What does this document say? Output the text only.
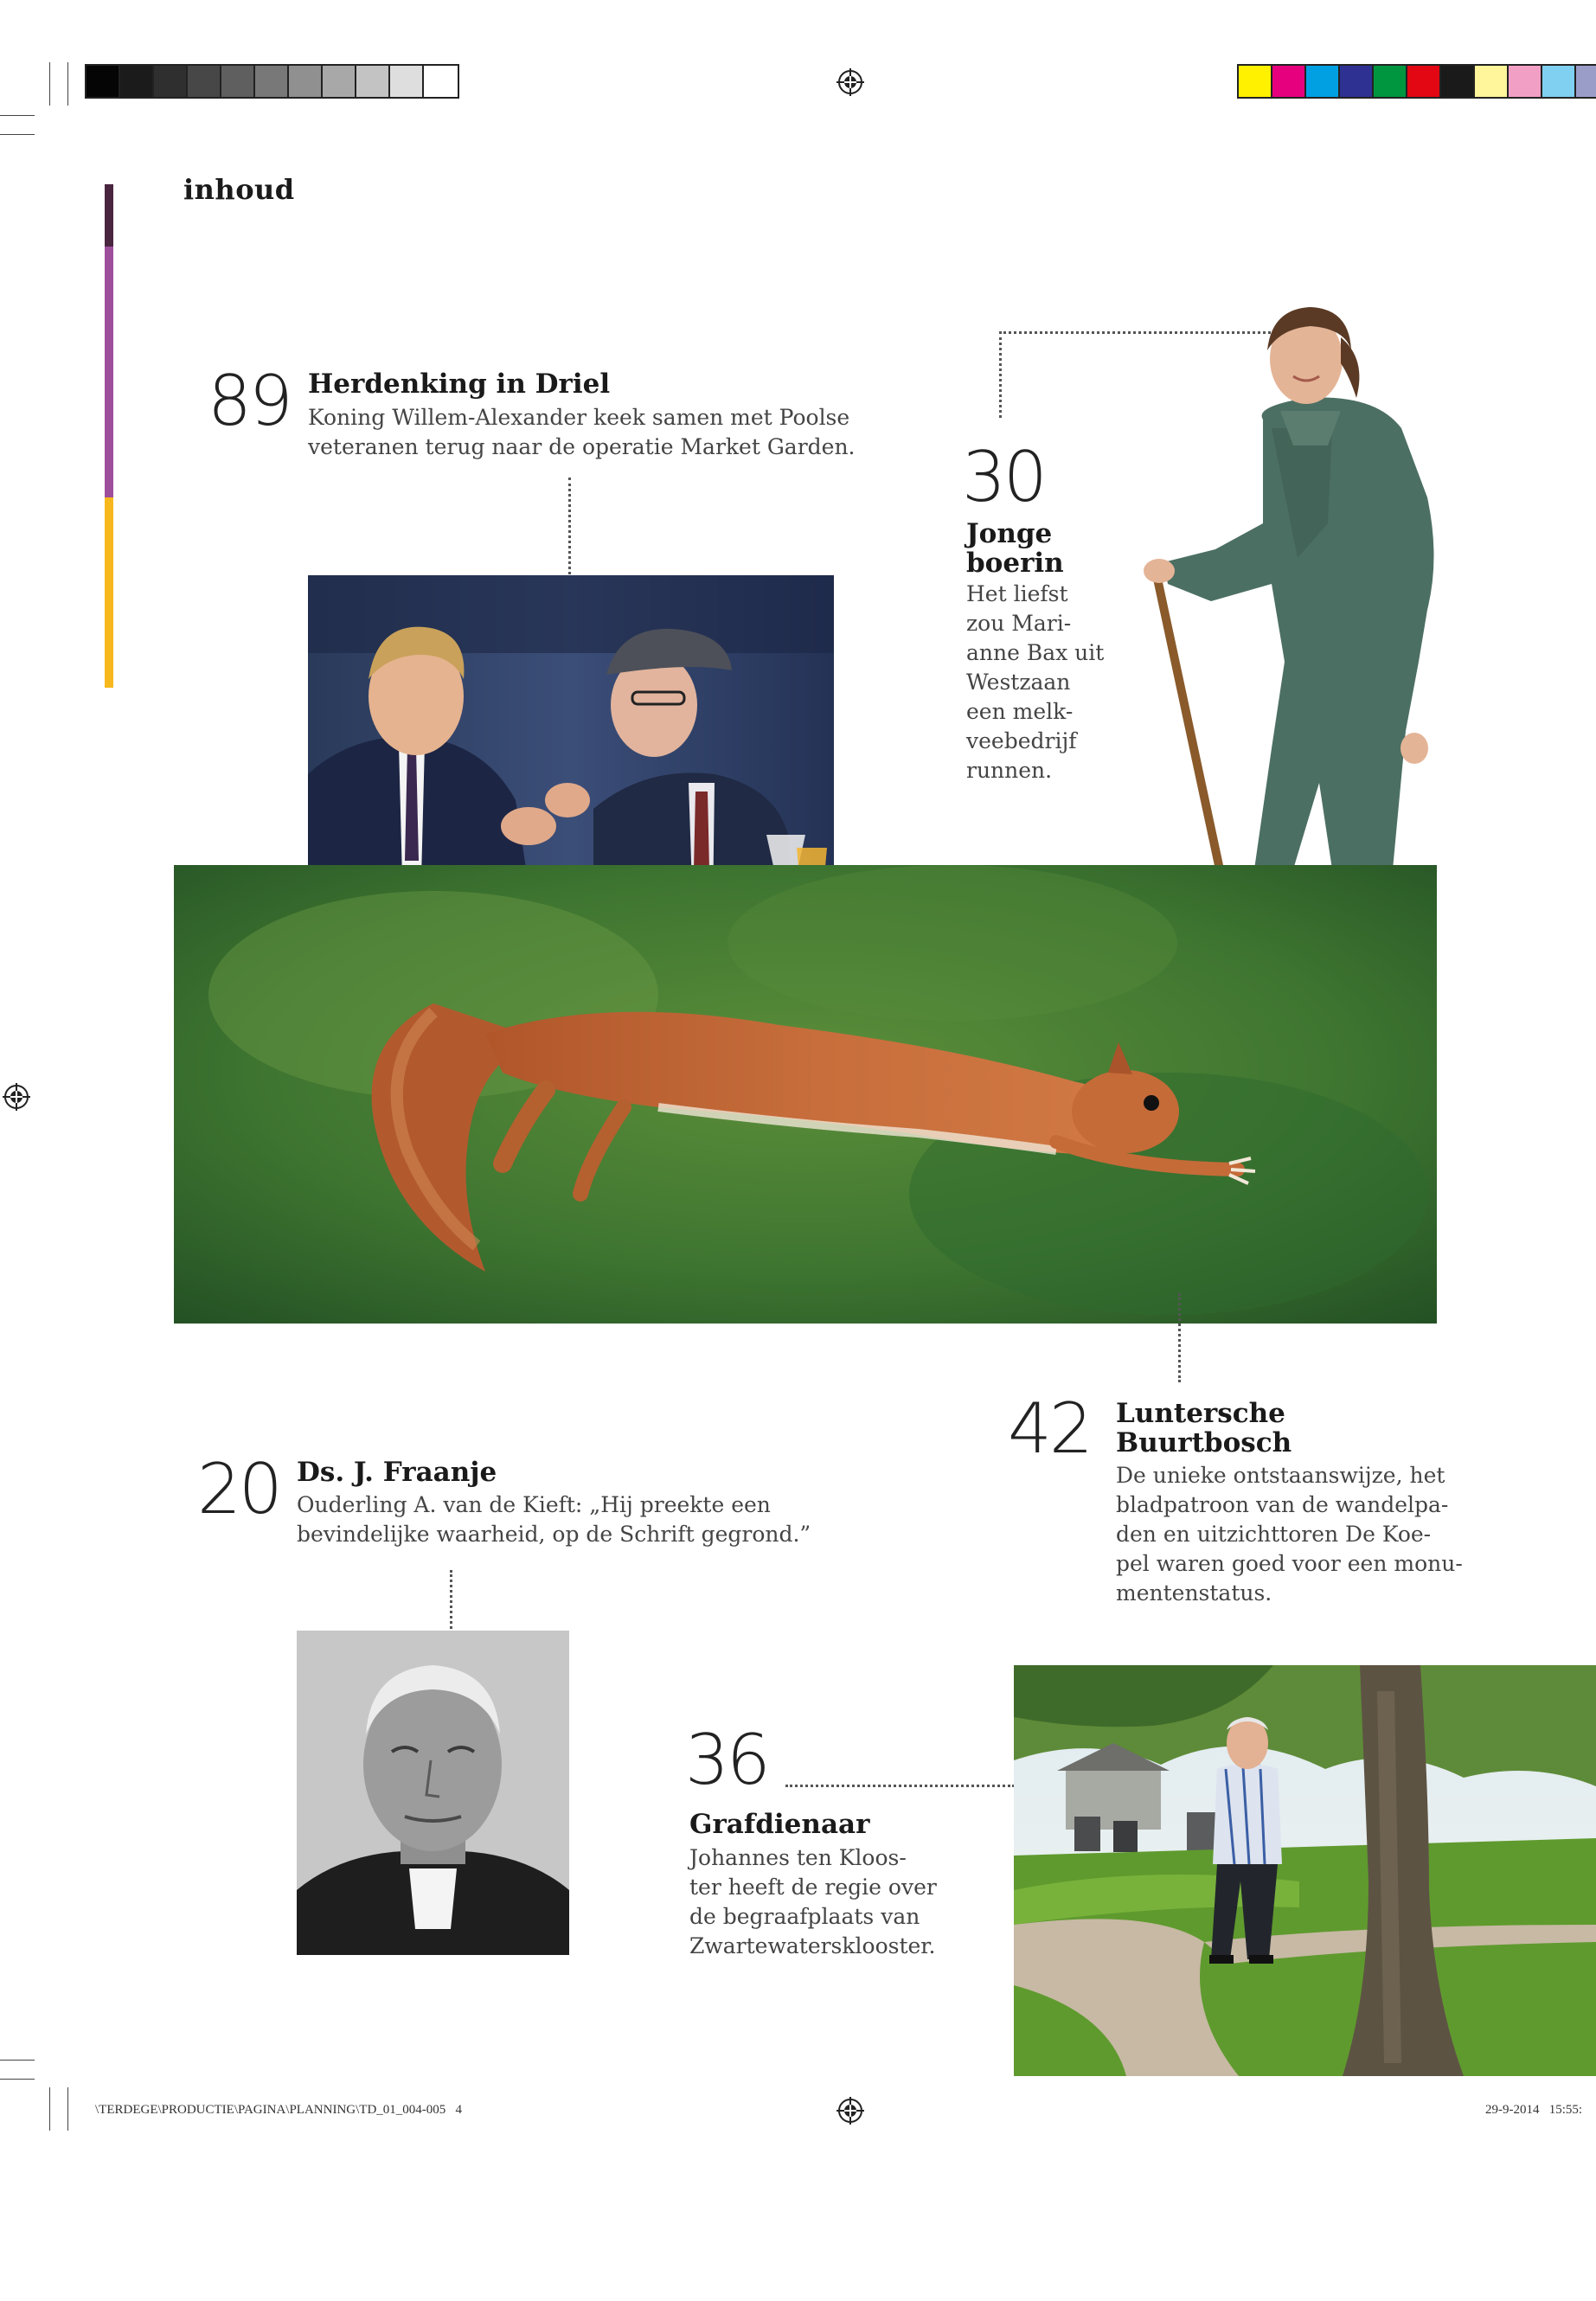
inhoud
89 Herdenking in Driel
Koning Willem-Alexander keek samen met Poolse
veteranen terug naar de operatie Market Garden. 30
Jonge
boerin
Het liefst
zou Mari-
anne Bax uit
Westzaan
een melk-
veebedrijf
runnen.
42 Luntersche
Buurtbosch
De unieke ontstaanswijze, het
bladpatroon van de wandelpa-
den en uitzichttoren De Koe-
pel waren goed voor een monu-
mentenstatus.
20 Ds. J. Fraanje
Ouderling A. van de Kieft: „Hij preekte een
bevindelijke waarheid, op de Schrift gegrond.”
36
Grafdienaar
Johannes ten Kloos-
ter heeft de regie over
de begraafplaats van
Zwartewatersklooster.
\TERDEGE\PRODUCTIE\PAGINA\PLANNING\TD_01_004-005   4	29-9-2014   15:55:
